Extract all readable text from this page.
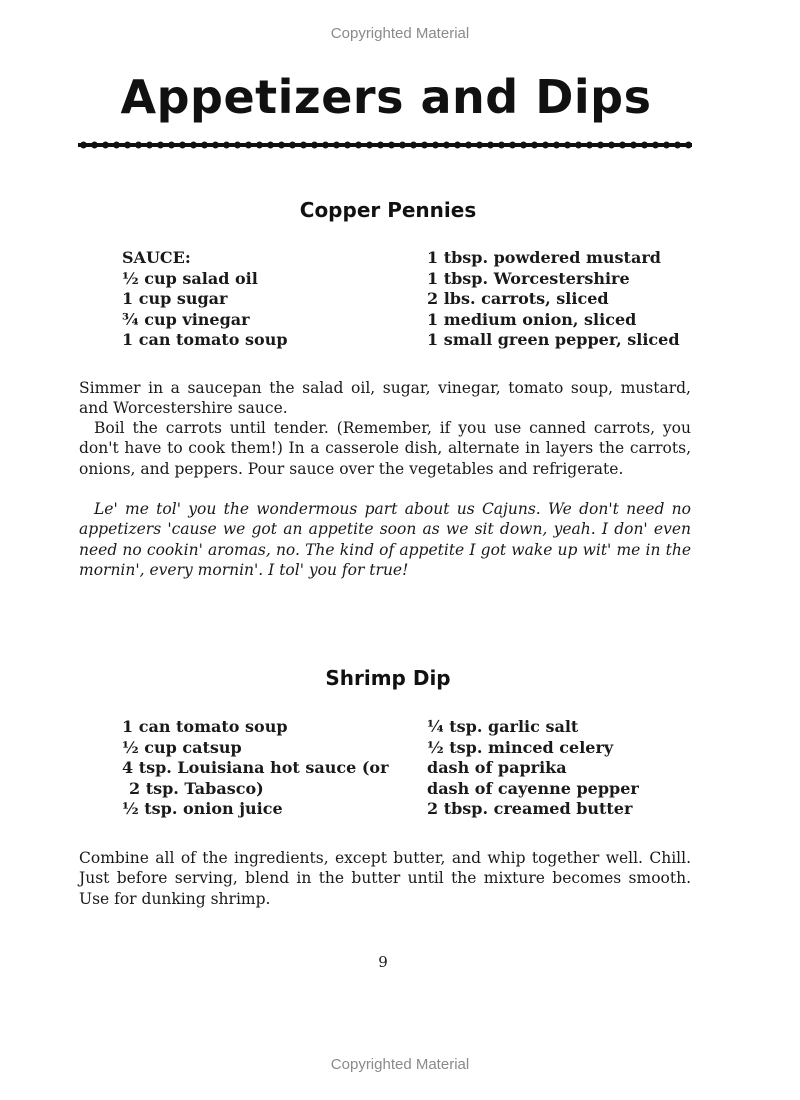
Copyrighted Material
Appetizers and Dips
Copper Pennies

SAUCE:

½ cup salad oil

1 cup sugar

¾ cup vinegar

1 can tomato soup

1 tbsp. powdered mustard

1 tbsp. Worcestershire

2 lbs. carrots, sliced

1 medium onion, sliced

1 small green pepper, sliced

Simmer in a saucepan the salad oil, sugar, vinegar, tomato soup, mustard, and Worcestershire sauce.

Boil the carrots until tender. (Remember, if you use canned carrots, you don't have to cook them!) In a casserole dish, alternate in layers the carrots, onions, and peppers. Pour sauce over the vegetables and refrigerate.

Le' me tol' you the wondermous part about us Cajuns. We don't need no appetizers 'cause we got an appetite soon as we sit down, yeah. I don' even need no cookin' aromas, no. The kind of appetite I got wake up wit' me in the mornin', every mornin'. I tol' you for true!

Shrimp Dip

1 can tomato soup

½ cup catsup

4 tsp. Louisiana hot sauce (or

2 tsp. Tabasco)

½ tsp. onion juice

¼ tsp. garlic salt

½ tsp. minced celery

dash of paprika

dash of cayenne pepper

2 tbsp. creamed butter

Combine all of the ingredients, except butter, and whip together well. Chill. Just before serving, blend in the butter until the mixture becomes smooth. Use for dunking shrimp.

9
Copyrighted Material
